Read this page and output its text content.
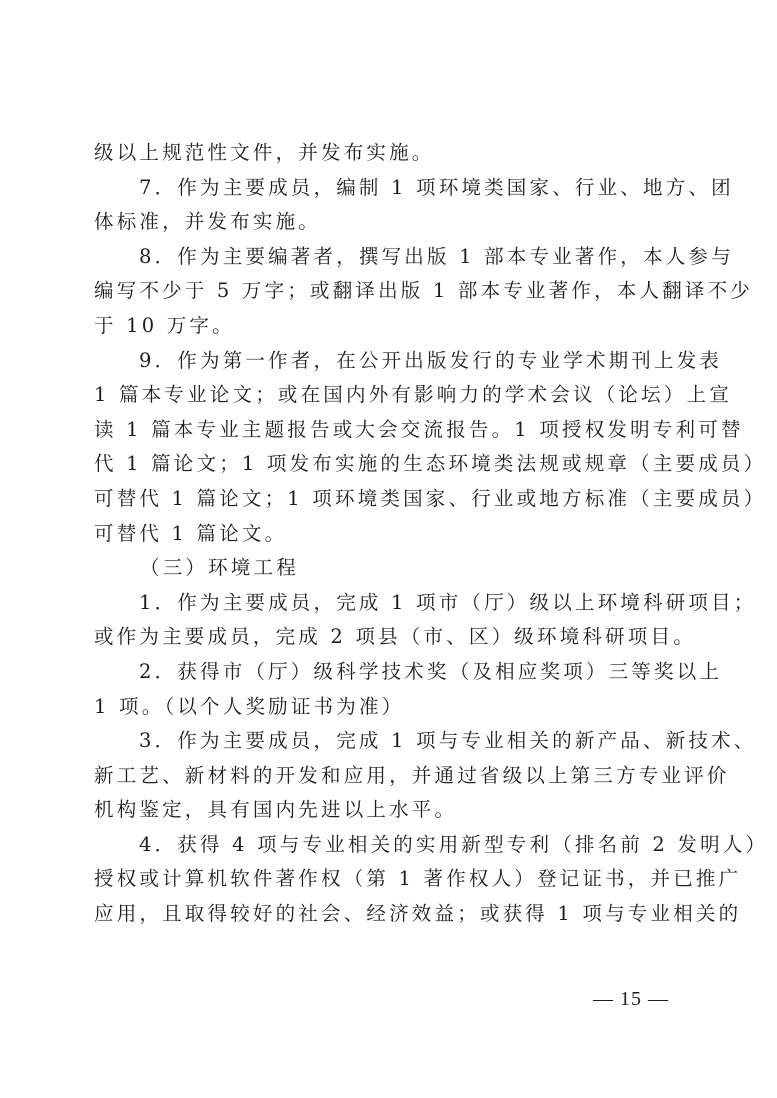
级以上规范性文件，并发布实施。
7．作为主要成员，编制 1 项环境类国家、行业、地方、团
体标准，并发布实施。
8．作为主要编著者，撰写出版 1 部本专业著作，本人参与
编写不少于 5 万字；或翻译出版 1 部本专业著作，本人翻译不少
于 10 万字。
9．作为第一作者，在公开出版发行的专业学术期刊上发表
1 篇本专业论文；或在国内外有影响力的学术会议（论坛）上宣
读 1 篇本专业主题报告或大会交流报告。1 项授权发明专利可替
代 1 篇论文；1 项发布实施的生态环境类法规或规章（主要成员）
可替代 1 篇论文；1 项环境类国家、行业或地方标准（主要成员）
可替代 1 篇论文。
（三）环境工程
1．作为主要成员，完成 1 项市（厅）级以上环境科研项目；
或作为主要成员，完成 2 项县（市、区）级环境科研项目。
2．获得市（厅）级科学技术奖（及相应奖项）三等奖以上
1 项。（以个人奖励证书为准）
3．作为主要成员，完成 1 项与专业相关的新产品、新技术、
新工艺、新材料的开发和应用，并通过省级以上第三方专业评价
机构鉴定，具有国内先进以上水平。
4．获得 4 项与专业相关的实用新型专利（排名前 2 发明人）
授权或计算机软件著作权（第 1 著作权人）登记证书，并已推广
应用，且取得较好的社会、经济效益；或获得 1 项与专业相关的
— 15 —
